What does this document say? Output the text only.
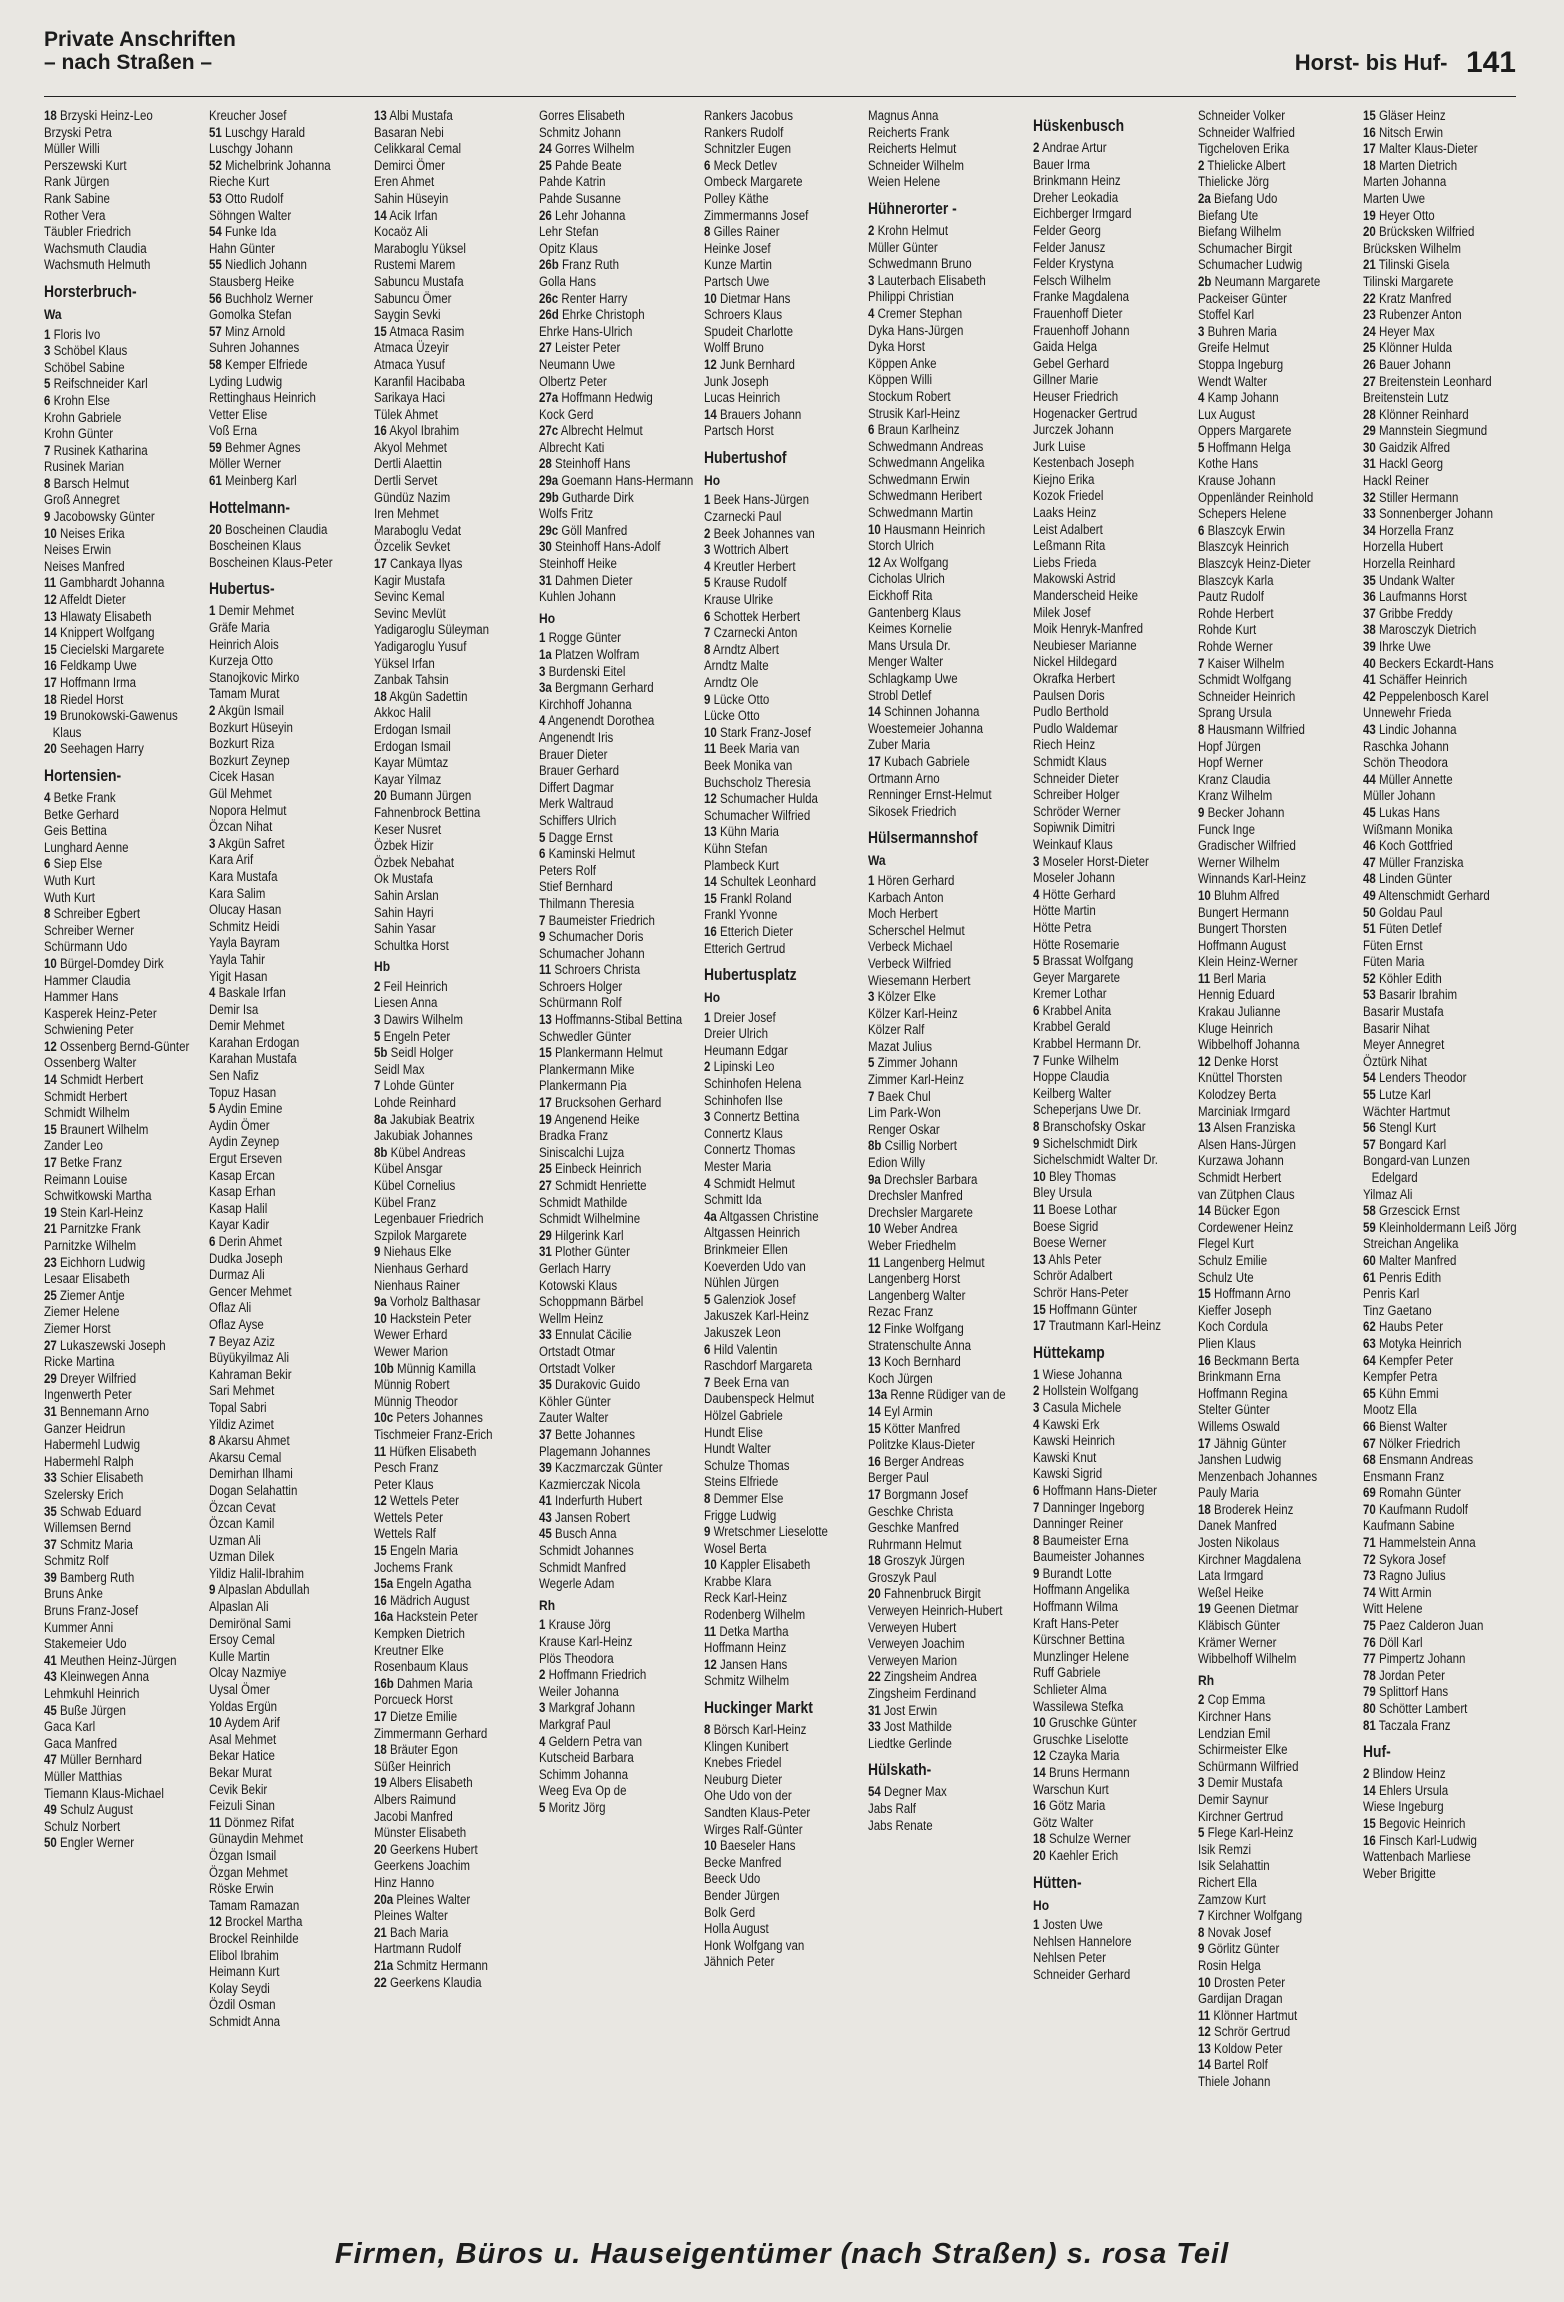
Private Anschriften
– nach Straßen –	Horst- bis Huf- 141
18 Brzyski Heinz-Leo
Brzyski Petra
Müller Willi
Perszewski Kurt
Rank Jürgen
Rank Sabine
Rother Vera
Täubler Friedrich
Wachsmuth Claudia
Wachsmuth Helmuth
Horsterbruch-
Wa
1 Floris Ivo
3 Schöbel Klaus
Schöbel Sabine
5 Reifschneider Karl
6 Krohn Else
Krohn Gabriele
Krohn Günter
7 Rusinek Katharina
Rusinek Marian
8 Barsch Helmut
Groß Annegret
9 Jacobowsky Günter
10 Neises Erika
Neises Erwin
Neises Manfred
11 Gambhardt Johanna
12 Affeldt Dieter
13 Hlawaty Elisabeth
14 Knippert Wolfgang
15 Ciecielski Margarete
16 Feldkamp Uwe
17 Hoffmann Irma
18 Riedel Horst
19 Brunokowski-Gawenus Klaus
20 Seehagen Harry
Hortensien-
4 Betke Frank
Betke Gerhard
Geis Bettina
Lunghard Aenne
6 Siep Else
Wuth Kurt
Wuth Kurt
8 Schreiber Egbert
Schreiber Werner
Schürmann Udo
10 Bürgel-Domdey Dirk
Hammer Claudia
Hammer Hans
Kasperek Heinz-Peter
Schwiening Peter
12 Ossenberg Bernd-Günter
Ossenberg Walter
14 Schmidt Herbert
Schmidt Herbert
Schmidt Wilhelm
15 Braunert Wilhelm
Zander Leo
17 Betke Franz
Reimann Louise
Schwitkowski Martha
19 Stein Karl-Heinz
21 Parnitzke Frank
Parnitzke Wilhelm
23 Eichhorn Ludwig
Lesaar Elisabeth
25 Ziemer Antje
Ziemer Helene
Ziemer Horst
27 Lukaszewski Joseph
Ricke Martina
29 Dreyer Wilfried
Ingenwerth Peter
31 Bennemann Arno
Ganzer Heidrun
Habermehl Ludwig
Habermehl Ralph
33 Schier Elisabeth
Szelersky Erich
35 Schwab Eduard
Willemsen Bernd
37 Schmitz Maria
Schmitz Rolf
39 Bamberg Ruth
Bruns Anke
Bruns Franz-Josef
Kummer Anni
Stakemeier Udo
41 Meuthen Heinz-Jürgen
43 Kleinwegen Anna
Lehmkuhl Heinrich
45 Buße Jürgen
Gaca Karl
Gaca Manfred
47 Müller Bernhard
Müller Matthias
Tiemann Klaus-Michael
49 Schulz August
Schulz Norbert
50 Engler Werner
Kreucher Josef
51 Luschgy Harald
Luschgy Johann
52 Michelbrink Johanna
Rieche Kurt
53 Otto Rudolf
Söhngen Walter
54 Funke Ida
Hahn Günter
55 Niedlich Johann
Stausberg Heike
56 Buchholz Werner
Gomolka Stefan
57 Minz Arnold
Suhren Johannes
58 Kemper Elfriede
Lyding Ludwig
Rettinghaus Heinrich
Vetter Elise
Voß Erna
59 Behmer Agnes
Möller Werner
61 Meinberg Karl
Hottelmann-
20 Boscheinen Claudia
Boscheinen Klaus
Boscheinen Klaus-Peter
Hubertus-
1 Demir Mehmet
Gräfe Maria
Heinrich Alois
Kurzeja Otto
Stanojkovic Mirko
Tamam Murat
2 Akgün Ismail
Bozkurt Hüseyin
Bozkurt Riza
Bozkurt Zeynep
Cicek Hasan
Gül Mehmet
Nopora Helmut
Özcan Nihat
3 Akgün Safret
Kara Arif
Kara Mustafa
Kara Salim
Olucay Hasan
Schmitz Heidi
Yayla Bayram
Yayla Tahir
Yigit Hasan
4 Baskale Irfan
Demir Isa
Demir Mehmet
Karahan Erdogan
Karahan Mustafa
Sen Nafiz
Topuz Hasan
5 Aydin Emine
Aydin Ömer
Aydin Zeynep
Ergut Erseven
Kasap Ercan
Kasap Erhan
Kasap Halil
Kayar Kadir
6 Derin Ahmet
Dudka Joseph
Durmaz Ali
Gencer Mehmet
Oflaz Ali
Oflaz Ayse
7 Beyaz Aziz
Büyükyilmaz Ali
Kahraman Bekir
Sari Mehmet
Topal Sabri
Yildiz Azimet
8 Akarsu Ahmet
Akarsu Cemal
Demirhan Ilhami
Dogan Selahattin
Özcan Cevat
Özcan Kamil
Uzman Ali
Uzman Dilek
Yildiz Halil-Ibrahim
9 Alpaslan Abdullah
Alpaslan Ali
Demirönal Sami
Ersoy Cemal
Kulle Martin
Olcay Nazmiye
Uysal Ömer
Yoldas Ergün
10 Aydem Arif
Asal Mehmet
Bekar Hatice
Bekar Murat
Cevik Bekir
Feizuli Sinan
11 Dönmez Rifat
Günaydin Mehmet
Özgan Ismail
Özgan Mehmet
Röske Erwin
Tamam Ramazan
12 Brockel Martha
Brockel Reinhilde
Elibol Ibrahim
Heimann Kurt
Kolay Seydi
Özdil Osman
Schmidt Anna
13 Albi Mustafa
Basaran Nebi
Celikkaral Cemal
Demirci Ömer
Eren Ahmet
Sahin Hüseyin
14 Acik Irfan
Kocaöz Ali
Maraboglu Yüksel
Rustemi Marem
Sabuncu Mustafa
Sabuncu Ömer
Saygin Sevki
15 Atmaca Rasim
Atmaca Üzeyir
Atmaca Yusuf
Karanfil Hacibaba
Sarikaya Haci
Tülek Ahmet
16 Akyol Ibrahim
Akyol Mehmet
Dertli Alaettin
Dertli Servet
Gündüz Nazim
Iren Mehmet
Maraboglu Vedat
Özcelik Sevket
17 Cankaya Ilyas
Kagir Mustafa
Sevinc Kemal
Sevinc Mevlüt
Yadigaroglu Süleyman
Yadigaroglu Yusuf
Yüksel Irfan
Zanbak Tahsin
18 Akgün Sadettin
Akkoc Halil
Erdogan Ismail
Erdogan Ismail
Kayar Mümtaz
Kayar Yilmaz
20 Bumann Jürgen
Fahnenbrock Bettina
Keser Nusret
Özbek Hizir
Özbek Nebahat
Ok Mustafa
Sahin Arslan
Sahin Hayri
Sahin Yasar
Schultka Horst
Hb
2 Feil Heinrich
Liesen Anna
3 Dawirs Wilhelm
5 Engeln Peter
5b Seidl Holger
Seidl Max
7 Lohde Günter
Lohde Reinhard
8a Jakubiak Beatrix
Jakubiak Johannes
8b Kübel Andreas
Kübel Ansgar
Kübel Cornelius
Kübel Franz
Legenbauer Friedrich
Szpilok Margarete
9 Niehaus Elke
Nienhaus Gerhard
Nienhaus Rainer
9a Vorholz Balthasar
10 Hackstein Peter
Wewer Erhard
Wewer Marion
10b Münnig Kamilla
Münnig Robert
Münnig Theodor
10c Peters Johannes
Tischmeier Franz-Erich
11 Hüfken Elisabeth
Pesch Franz
Peter Klaus
12 Wettels Peter
Wettels Peter
Wettels Ralf
15 Engeln Maria
Jochems Frank
15a Engeln Agatha
16 Mädrich August
16a Hackstein Peter
Kempken Dietrich
Kreutner Elke
Rosenbaum Klaus
16b Dahmen Maria
Porcueck Horst
17 Dietze Emilie
Zimmermann Gerhard
18 Bräuter Egon
Süßer Heinrich
19 Albers Elisabeth
Albers Raimund
Jacobi Manfred
Münster Elisabeth
20 Geerkens Hubert
Geerkens Joachim
Hinz Hanno
20a Pleines Walter
Pleines Walter
21 Bach Maria
Hartmann Rudolf
21a Schmitz Hermann
22 Geerkens Klaudia
Gorres Elisabeth
Schmitz Johann
24 Gorres Wilhelm
25 Pahde Beate
Pahde Katrin
Pahde Susanne
26 Lehr Johanna
Lehr Stefan
Opitz Klaus
26b Franz Ruth
Golla Hans
26c Renter Harry
26d Ehrke Christoph
Ehrke Hans-Ulrich
27 Leister Peter
Neumann Uwe
Olbertz Peter
27a Hoffmann Hedwig
Kock Gerd
27c Albrecht Helmut
Albrecht Kati
28 Steinhoff Hans
29a Goemann Hans-Hermann
29b Gutharde Dirk
Wolfs Fritz
29c Göll Manfred
30 Steinhoff Hans-Adolf
Steinhoff Heike
31 Dahmen Dieter
Kuhlen Johann
Ho
1 Rogge Günter
1a Platzen Wolfram
3 Burdenski Eitel
3a Bergmann Gerhard
Kirchhoff Johanna
4 Angenendt Dorothea
Angenendt Iris
Brauer Dieter
Brauer Gerhard
Differt Dagmar
Merk Waltraud
Schiffers Ulrich
5 Dagge Ernst
6 Kaminski Helmut
Peters Rolf
Stief Bernhard
Thilmann Theresia
7 Baumeister Friedrich
9 Schumacher Doris
Schumacher Johann
11 Schroers Christa
Schroers Holger
Schürmann Rolf
13 Hoffmanns-Stibal Bettina
Schwedler Günter
15 Plankermann Helmut
Plankermann Mike
Plankermann Pia
17 Brucksohen Gerhard
19 Angenend Heike
Bradka Franz
Siniscalchi Lujza
25 Einbeck Heinrich
27 Schmidt Henriette
Schmidt Mathilde
Schmidt Wilhelmine
29 Hilgerink Karl
31 Plother Günter
Gerlach Harry
Kotowski Klaus
Schoppmann Bärbel
Wellm Heinz
33 Ennulat Cäcilie
Ortstadt Otmar
Ortstadt Volker
35 Durakovic Guido
Köhler Günter
Zauter Walter
37 Bette Johannes
Plagemann Johannes
39 Kaczmarczak Günter
Kazmierczak Nicola
41 Inderfurth Hubert
43 Jansen Robert
45 Busch Anna
Schmidt Johannes
Schmidt Manfred
Wegerle Adam
Rh
1 Krause Jörg
Krause Karl-Heinz
Plös Theodora
2 Hoffmann Friedrich
Weiler Johanna
3 Markgraf Johann
Markgraf Paul
4 Geldern Petra van
Kutscheid Barbara
Schimm Johanna
Weeg Eva Op de
5 Moritz Jörg
Rankers Jacobus
Rankers Rudolf
Schnitzler Eugen
6 Meck Detlev
Ombeck Margarete
Polley Käthe
Zimmermanns Josef
8 Gilles Rainer
Heinke Josef
Kunze Martin
Partsch Uwe
10 Dietmar Hans
Schroers Klaus
Spudeit Charlotte
Wolff Bruno
12 Junk Bernhard
Junk Joseph
Lucas Heinrich
14 Brauers Johann
Partsch Horst
Hubertushof
Ho
1 Beek Hans-Jürgen
Czarnecki Paul
2 Beek Johannes van
3 Wottrich Albert
4 Kreutler Herbert
5 Krause Rudolf
Krause Ulrike
6 Schottek Herbert
7 Czarnecki Anton
8 Arndtz Albert
Arndtz Malte
Arndtz Ole
9 Lücke Otto
Lücke Otto
10 Stark Franz-Josef
11 Beek Maria van
Beek Monika van
Buchscholz Theresia
12 Schumacher Hulda
Schumacher Wilfried
13 Kühn Maria
Kühn Stefan
Plambeck Kurt
14 Schultek Leonhard
15 Frankl Roland
Frankl Yvonne
16 Etterich Dieter
Etterich Gertrud
Hubertusplatz
Ho
1 Dreier Josef
Dreier Ulrich
Heumann Edgar
2 Lipinski Leo
Schinhofen Helena
Schinhofen Ilse
3 Connertz Bettina
Connertz Klaus
Connertz Thomas
Mester Maria
4 Schmidt Helmut
Schmitt Ida
4a Altgassen Christine
Altgassen Heinrich
Brinkmeier Ellen
Koeverden Udo van
Nühlen Jürgen
5 Galenziok Josef
Jakuszek Karl-Heinz
Jakuszek Leon
6 Hild Valentin
Raschdorf Margareta
7 Beek Erna van
Daubenspeck Helmut
Hölzel Gabriele
Hundt Elise
Hundt Walter
Schulze Thomas
Steins Elfriede
8 Demmer Else
Frigge Ludwig
9 Wretschmer Lieselotte
Wosel Berta
10 Kappler Elisabeth
Krabbe Klara
Reck Karl-Heinz
Rodenberg Wilhelm
11 Detka Martha
Hoffmann Heinz
12 Jansen Hans
Schmitz Wilhelm
Huckinger Markt
8 Börsch Karl-Heinz
Klingen Kunibert
Knebes Friedel
Neuburg Dieter
Ohe Udo von der
Sandten Klaus-Peter
Wirges Ralf-Günter
10 Baeseler Hans
Becke Manfred
Beeck Udo
Bender Jürgen
Bolk Gerd
Holla August
Honk Wolfgang van
Jähnich Peter
Magnus Anna
Reicherts Frank
Reicherts Helmut
Schneider Wilhelm
Weien Helene
Hühnerorter -
2 Krohn Helmut
Müller Günter
Schwedmann Bruno
3 Lauterbach Elisabeth
Philippi Christian
4 Cremer Stephan
Dyka Hans-Jürgen
Dyka Horst
Köppen Anke
Köppen Willi
Stockum Robert
Strusik Karl-Heinz
6 Braun Karlheinz
Schwedmann Andreas
Schwedmann Angelika
Schwedmann Erwin
Schwedmann Heribert
Schwedmann Martin
10 Hausmann Heinrich
Storch Ulrich
12 Ax Wolfgang
Cicholas Ulrich
Eickhoff Rita
Gantenberg Klaus
Keimes Kornelie
Mans Ursula Dr.
Menger Walter
Schlagkamp Uwe
Strobl Detlef
14 Schinnen Johanna
Woestemeier Johanna
Zuber Maria
17 Kubach Gabriele
Ortmann Arno
Renninger Ernst-Helmut
Sikosek Friedrich
Hülsermannshof
Wa
1 Hören Gerhard
Karbach Anton
Moch Herbert
Scherschel Helmut
Verbeck Michael
Verbeck Wilfried
Wiesemann Herbert
3 Kölzer Elke
Kölzer Karl-Heinz
Kölzer Ralf
Mazat Julius
5 Zimmer Johann
Zimmer Karl-Heinz
7 Baek Chul
Lim Park-Won
Renger Oskar
8b Csillig Norbert
Edion Willy
9a Drechsler Barbara
Drechsler Manfred
Drechsler Margarete
10 Weber Andrea
Weber Friedhelm
11 Langenberg Helmut
Langenberg Horst
Langenberg Walter
Rezac Franz
12 Finke Wolfgang
Stratenschulte Anna
13 Koch Bernhard
Koch Jürgen
13a Renne Rüdiger van de
14 Eyl Armin
15 Kötter Manfred
Politzke Klaus-Dieter
16 Berger Andreas
Berger Paul
17 Borgmann Josef
Geschke Christa
Geschke Manfred
Ruhrmann Helmut
18 Groszyk Jürgen
Groszyk Paul
20 Fahnenbruck Birgit
Verweyen Heinrich-Hubert
Verweyen Hubert
Verweyen Joachim
Verweyen Marion
22 Zingsheim Andrea
Zingsheim Ferdinand
31 Jost Erwin
33 Jost Mathilde
Liedtke Gerlinde
Hülskath-
54 Degner Max
Jabs Ralf
Jabs Renate
Hüskenbusch
2 Andrae Artur
Bauer Irma
Brinkmann Heinz
Dreher Leokadia
Eichberger Irmgard
Felder Georg
Felder Janusz
Felder Krystyna
Felsch Wilhelm
Franke Magdalena
Frauenhoff Dieter
Frauenhoff Johann
Gaida Helga
Gebel Gerhard
Gillner Marie
Heuser Friedrich
Hogenacker Gertrud
Jurczek Johann
Jurk Luise
Kestenbach Joseph
Kiejno Erika
Kozok Friedel
Laaks Heinz
Leist Adalbert
Leßmann Rita
Liebs Frieda
Makowski Astrid
Manderscheid Heike
Milek Josef
Moik Henryk-Manfred
Neubieser Marianne
Nickel Hildegard
Okrafka Herbert
Paulsen Doris
Pudlo Berthold
Pudlo Waldemar
Riech Heinz
Schmidt Klaus
Schneider Dieter
Schreiber Holger
Schröder Werner
Sopiwnik Dimitri
Weinkauf Klaus
3 Moseler Horst-Dieter
Moseler Johann
4 Hötte Gerhard
Hötte Martin
Hötte Petra
Hötte Rosemarie
5 Brassat Wolfgang
Geyer Margarete
Kremer Lothar
6 Krabbel Anita
Krabbel Gerald
Krabbel Hermann Dr.
7 Funke Wilhelm
Hoppe Claudia
Keilberg Walter
Scheperjans Uwe Dr.
8 Branschofsky Oskar
9 Sichelschmidt Dirk
Sichelschmidt Walter Dr.
10 Bley Thomas
Bley Ursula
11 Boese Lothar
Boese Sigrid
Boese Werner
13 Ahls Peter
Schrör Adalbert
Schrör Hans-Peter
15 Hoffmann Günter
17 Trautmann Karl-Heinz
Hüttekamp
1 Wiese Johanna
2 Hollstein Wolfgang
3 Casula Michele
4 Kawski Erk
Kawski Heinrich
Kawski Knut
Kawski Sigrid
6 Hoffmann Hans-Dieter
7 Danninger Ingeborg
Danninger Reiner
8 Baumeister Erna
Baumeister Johannes
9 Burandt Lotte
Hoffmann Angelika
Hoffmann Wilma
Kraft Hans-Peter
Kürschner Bettina
Munzlinger Helene
Ruff Gabriele
Schlieter Alma
Wassilewa Stefka
10 Gruschke Günter
Gruschke Liselotte
12 Czayka Maria
14 Bruns Hermann
Warschun Kurt
16 Götz Maria
Götz Walter
18 Schulze Werner
20 Kaehler Erich
Hütten-
Ho
1 Josten Uwe
Nehlsen Hannelore
Nehlsen Peter
Schneider Gerhard
Schneider Volker
Schneider Walfried
Tigcheloven Erika
2 Thielicke Albert
Thielicke Jörg
2a Biefang Udo
Biefang Ute
Biefang Wilhelm
Schumacher Birgit
Schumacher Ludwig
2b Neumann Margarete
Packeiser Günter
Stoffel Karl
3 Buhren Maria
Greife Helmut
Stoppa Ingeburg
Wendt Walter
4 Kamp Johann
Lux August
Oppers Margarete
5 Hoffmann Helga
Kothe Hans
Krause Johann
Oppenländer Reinhold
Schepers Helene
6 Blaszcyk Erwin
Blaszcyk Heinrich
Blaszcyk Heinz-Dieter
Blaszcyk Karla
Pautz Rudolf
Rohde Herbert
Rohde Kurt
Rohde Werner
7 Kaiser Wilhelm
Schmidt Wolfgang
Schneider Heinrich
Sprang Ursula
8 Hausmann Wilfried
Hopf Jürgen
Hopf Werner
Kranz Claudia
Kranz Wilhelm
9 Becker Johann
Funck Inge
Gradischer Wilfried
Werner Wilhelm
Winnands Karl-Heinz
10 Bluhm Alfred
Bungert Hermann
Bungert Thorsten
Hoffmann August
Klein Heinz-Werner
11 Berl Maria
Hennig Eduard
Krakau Julianne
Kluge Heinrich
Wibbelhoff Johanna
12 Denke Horst
Knüttel Thorsten
Kolodzey Berta
Marciniak Irmgard
13 Alsen Franziska
Alsen Hans-Jürgen
Kurzawa Johann
Schmidt Herbert
van Zütphen Claus
14 Bücker Egon
Cordewener Heinz
Flegel Kurt
Schulz Emilie
Schulz Ute
15 Hoffmann Arno
Kieffer Joseph
Koch Cordula
Plien Klaus
16 Beckmann Berta
Brinkmann Erna
Hoffmann Regina
Stelter Günter
Willems Oswald
17 Jähnig Günter
Janshen Ludwig
Menzenbach Johannes
Pauly Maria
18 Broderek Heinz
Danek Manfred
Josten Nikolaus
Kirchner Magdalena
Lata Irmgard
Weßel Heike
19 Geenen Dietmar
Kläbisch Günter
Krämer Werner
Wibbelhoff Wilhelm
Rh
2 Cop Emma
Kirchner Hans
Lendzian Emil
Schirmeister Elke
Schürmann Wilfried
3 Demir Mustafa
Demir Saynur
Kirchner Gertrud
5 Flege Karl-Heinz
Isik Remzi
Isik Selahattin
Richert Ella
Zamzow Kurt
7 Kirchner Wolfgang
8 Novak Josef
9 Görlitz Günter
Rosin Helga
10 Drosten Peter
Gardijan Dragan
11 Klönner Hartmut
12 Schrör Gertrud
13 Koldow Peter
14 Bartel Rolf
Thiele Johann
15 Gläser Heinz
16 Nitsch Erwin
17 Malter Klaus-Dieter
18 Marten Dietrich
Marten Johanna
Marten Uwe
19 Heyer Otto
20 Brücksken Wilfried
Brücksken Wilhelm
21 Tilinski Gisela
Tilinski Margarete
22 Kratz Manfred
23 Rubenzer Anton
24 Heyer Max
25 Klönner Hulda
26 Bauer Johann
27 Breitenstein Leonhard
Breitenstein Lutz
28 Klönner Reinhard
29 Mannstein Siegmund
30 Gaidzik Alfred
31 Hackl Georg
Hackl Reiner
32 Stiller Hermann
33 Sonnenberger Johann
34 Horzella Franz
Horzella Hubert
Horzella Reinhard
35 Undank Walter
36 Laufmanns Horst
37 Gribbe Freddy
38 Marosczyk Dietrich
39 Ihrke Uwe
40 Beckers Eckardt-Hans
41 Schäffer Heinrich
42 Peppelenbosch Karel
Unnewehr Frieda
43 Lindic Johanna
Raschka Johann
Schön Theodora
44 Müller Annette
Müller Johann
45 Lukas Hans
Wißmann Monika
46 Koch Gottfried
47 Müller Franziska
48 Linden Günter
49 Altenschmidt Gerhard
50 Goldau Paul
51 Füten Detlef
Füten Ernst
Füten Maria
52 Köhler Edith
53 Basarir Ibrahim
Basarir Mustafa
Basarir Nihat
Meyer Annegret
Öztürk Nihat
54 Lenders Theodor
55 Lutze Karl
Wächter Hartmut
56 Stengl Kurt
57 Bongard Karl
Bongard-van Lunzen Edelgard
Yilmaz Ali
58 Grzescick Ernst
59 Kleinholdermann Leiß Jörg
Streichan Angelika
60 Malter Manfred
61 Penris Edith
Penris Karl
Tinz Gaetano
62 Haubs Peter
63 Motyka Heinrich
64 Kempfer Peter
Kempfer Petra
65 Kühn Emmi
Mootz Ella
66 Bienst Walter
67 Nölker Friedrich
68 Ensmann Andreas
Ensmann Franz
69 Romahn Günter
70 Kaufmann Rudolf
Kaufmann Sabine
71 Hammelstein Anna
72 Sykora Josef
73 Ragno Julius
74 Witt Armin
Witt Helene
75 Paez Calderon Juan
76 Döll Karl
77 Pimpertz Johann
78 Jordan Peter
79 Splittorf Hans
80 Schötter Lambert
81 Taczala Franz
Huf-
2 Blindow Heinz
14 Ehlers Ursula
Wiese Ingeburg
15 Begovic Heinrich
16 Finsch Karl-Ludwig
Wattenbach Marliese
Weber Brigitte
Firmen, Büros u. Hauseigentümer (nach Straßen) s. rosa Teil
